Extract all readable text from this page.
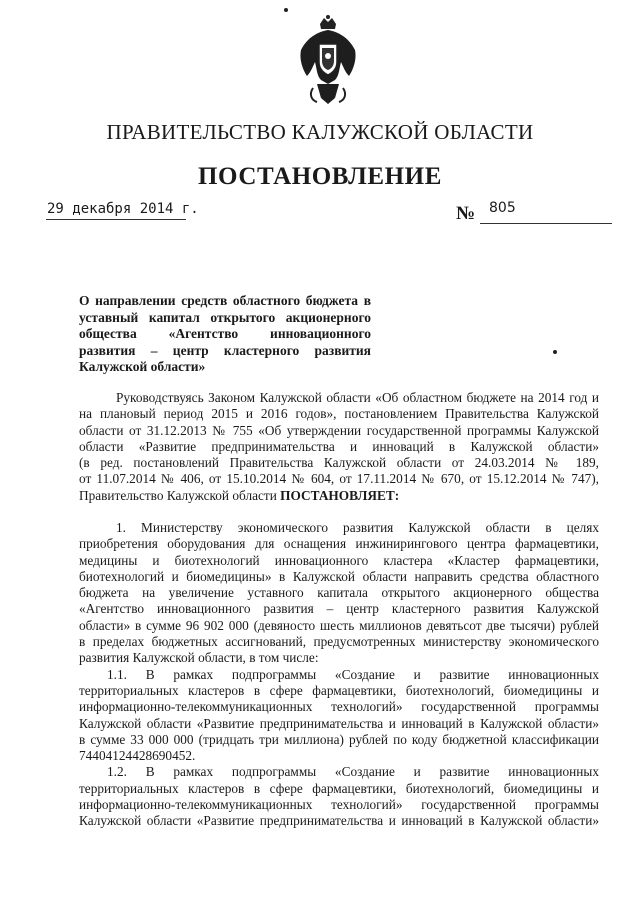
ПРАВИТЕЛЬСТВО КАЛУЖСКОЙ ОБЛАСТИ
ПОСТАНОВЛЕНИЕ
29 декабря 2014 г.	№ 805
О направлении средств областного бюджета в
уставный капитал открытого акционерного
общества «Агентство инновационного
развития – центр кластерного развития
Калужской области»
Руководствуясь Законом Калужской области «Об областном бюджете на 2014 год и
на плановый период 2015 и 2016 годов», постановлением Правительства Калужской
области от 31.12.2013 № 755 «Об утверждении государственной программы Калужской
области «Развитие предпринимательства и инноваций в Калужской области»
(в ред. постановлений Правительства Калужской области от 24.03.2014 № 189,
от 11.07.2014 № 406, от 15.10.2014 № 604, от 17.11.2014 № 670, от 15.12.2014 № 747),
Правительство Калужской области ПОСТАНОВЛЯЕТ:
1. Министерству экономического развития Калужской области в целях
приобретения оборудования для оснащения инжинирингового центра фармацевтики,
медицины и биотехнологий инновационного кластера «Кластер фармацевтики,
биотехнологий и биомедицины» в Калужской области направить средства областного
бюджета на увеличение уставного капитала открытого акционерного общества
«Агентство инновационного развития – центр кластерного развития Калужской
области» в сумме 96 902 000 (девяносто шесть миллионов девятьсот две тысячи) рублей
в пределах бюджетных ассигнований, предусмотренных министерству экономического
развития Калужской области, в том числе:
1.1. В рамках подпрограммы «Создание и развитие инновационных
территориальных кластеров в сфере фармацевтики, биотехнологий, биомедицины и
информационно-телекоммуникационных технологий» государственной программы
Калужской области «Развитие предпринимательства и инноваций в Калужской области»
в сумме 33 000 000 (тридцать три миллиона) рублей по коду бюджетной классификации
74404124428690452.
1.2. В рамках подпрограммы «Создание и развитие инновационных
территориальных кластеров в сфере фармацевтики, биотехнологий, биомедицины и
информационно-телекоммуникационных технологий» государственной программы
Калужской области «Развитие предпринимательства и инноваций в Калужской области»
